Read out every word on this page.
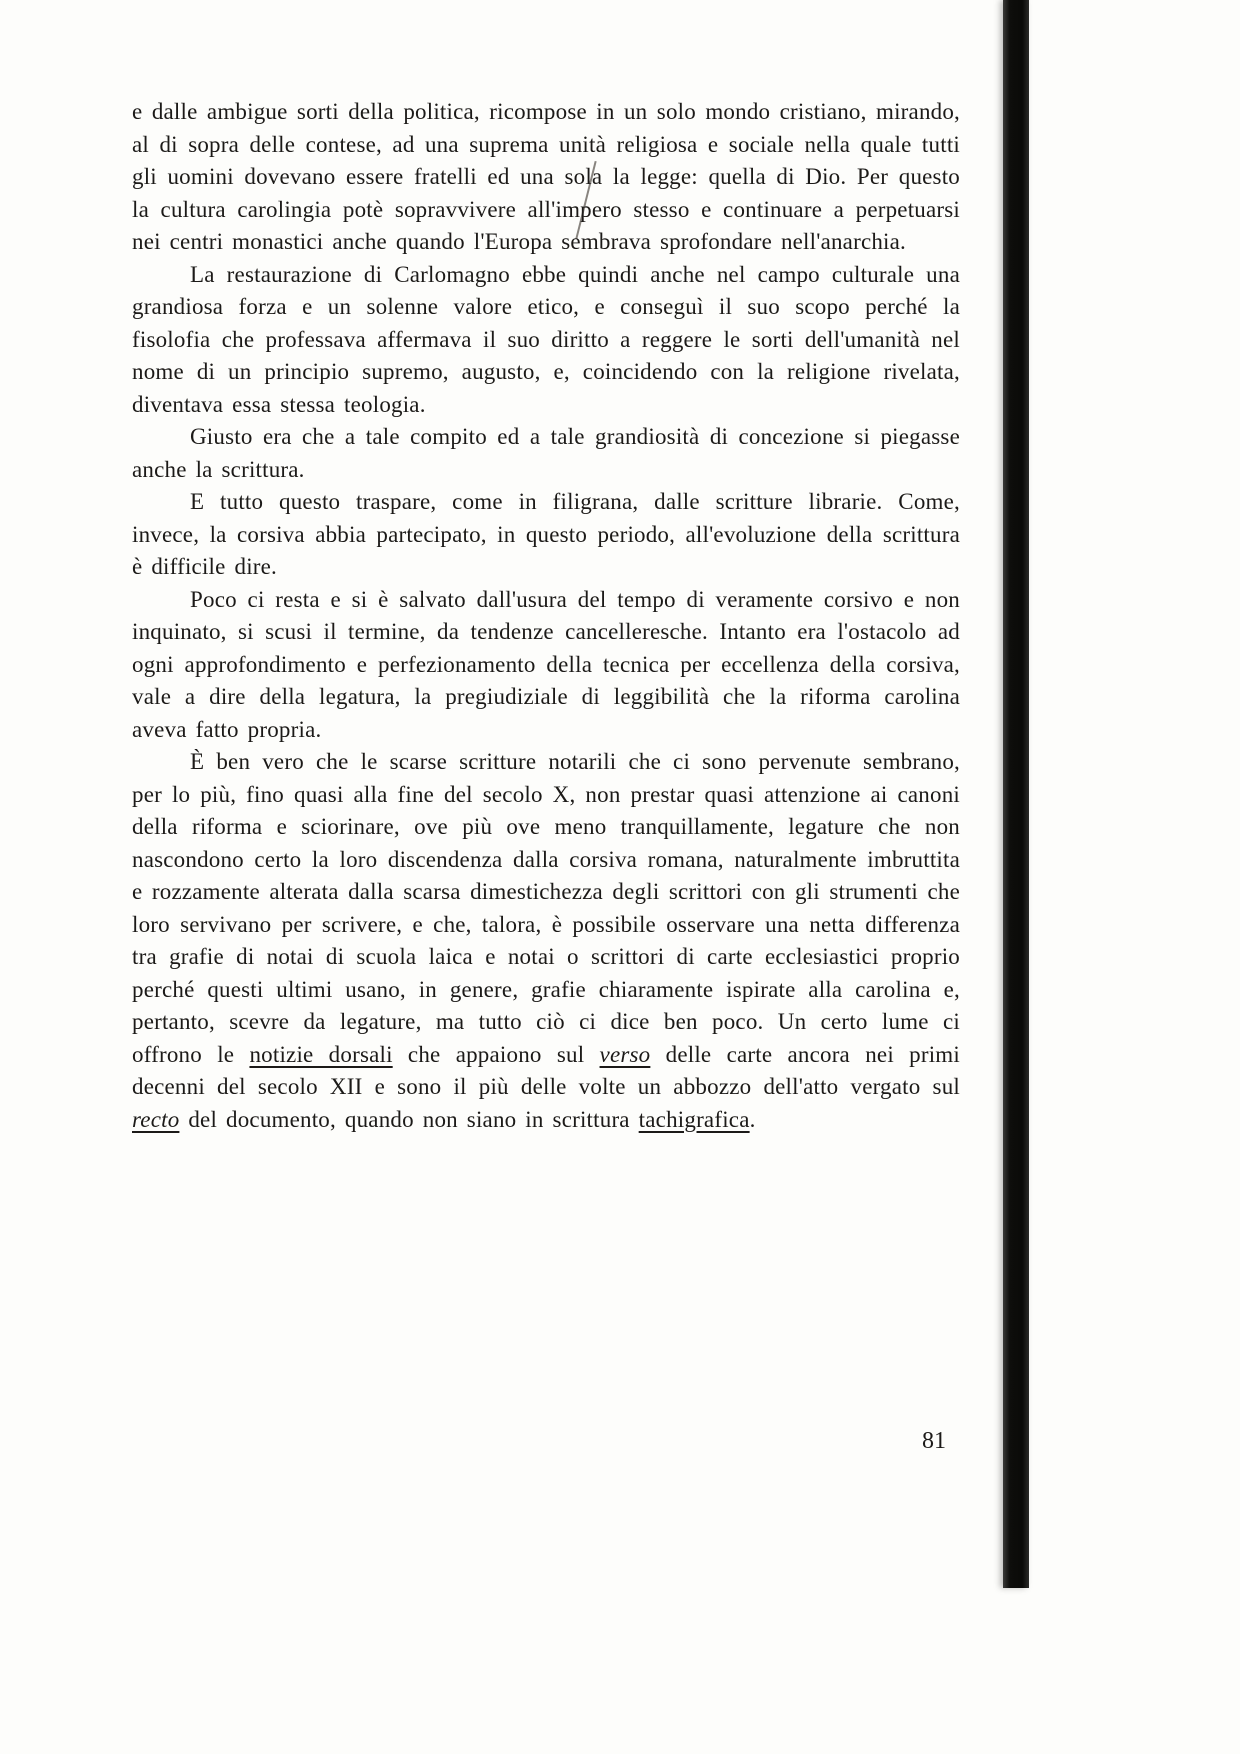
e dalle ambigue sorti della politica, ricompose in un solo mondo cristiano, mirando, al di sopra delle contese, ad una suprema unità religiosa e sociale nella quale tutti gli uomini dovevano essere fratelli ed una sola la legge: quella di Dio. Per questo la cultura carolingia potè sopravvivere all'impero stesso e continuare a perpetuarsi nei centri monastici anche quando l'Europa sembrava sprofondare nell'anarchia.

La restaurazione di Carlomagno ebbe quindi anche nel campo culturale una grandiosa forza e un solenne valore etico, e conseguì il suo scopo perché la fisolofia che professava affermava il suo diritto a reggere le sorti dell'umanità nel nome di un principio supremo, augusto, e, coincidendo con la religione rivelata, diventava essa stessa teologia.

Giusto era che a tale compito ed a tale grandiosità di concezione si piegasse anche la scrittura.

E tutto questo traspare, come in filigrana, dalle scritture librarie. Come, invece, la corsiva abbia partecipato, in questo periodo, all'evoluzione della scrittura è difficile dire.

Poco ci resta e si è salvato dall'usura del tempo di veramente corsivo e non inquinato, si scusi il termine, da tendenze cancelleresche. Intanto era l'ostacolo ad ogni approfondimento e perfezionamento della tecnica per eccellenza della corsiva, vale a dire della legatura, la pregiudiziale di leggibilità che la riforma carolina aveva fatto propria.

È ben vero che le scarse scritture notarili che ci sono pervenute sembrano, per lo più, fino quasi alla fine del secolo X, non prestar quasi attenzione ai canoni della riforma e sciorinare, ove più ove meno tranquillamente, legature che non nascondono certo la loro discendenza dalla corsiva romana, naturalmente imbruttita e rozzamente alterata dalla scarsa dimestichezza degli scrittori con gli strumenti che loro servivano per scrivere, e che, talora, è possibile osservare una netta differenza tra grafie di notai di scuola laica e notai o scrittori di carte ecclesiastici proprio perché questi ultimi usano, in genere, grafie chiaramente ispirate alla carolina e, pertanto, scevre da legature, ma tutto ciò ci dice ben poco. Un certo lume ci offrono le notizie dorsali che appaiono sul verso delle carte ancora nei primi decenni del secolo XII e sono il più delle volte un abbozzo dell'atto vergato sul recto del documento, quando non siano in scrittura tachigrafica.

81
